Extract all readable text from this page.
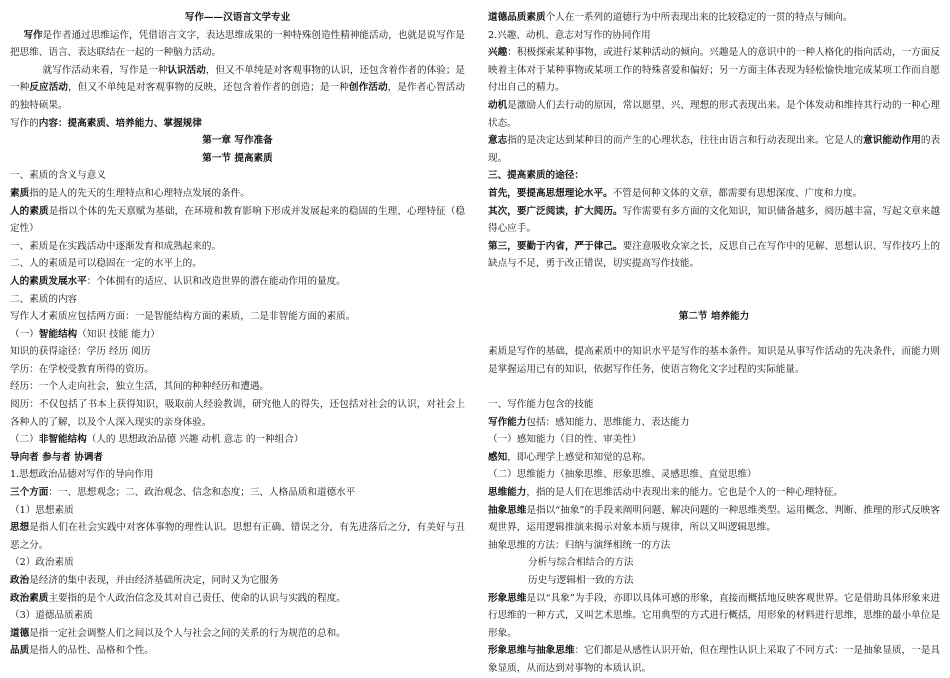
写作——汉语言文学专业
写作是作者通过思维运作，凭借语言文字，表达思维成果的一种特殊创造性精神能活动，也就是说写作是把思维、语言、表达联结在一起的一种脑力活动。
就写作活动来看，写作是一种认识活动，但又不单纯是对客观事物的认识，还包含着作者的体验；是一种反应活动，但又不单纯是对客观事物的反映，还包含着作者的创造；是一种创作活动，是作者心智活动的独特硕果。
写作的内容：提高素质、培养能力、掌握规律
第一章 写作准备
第一节 提高素质
一、素质的含义与意义
素质指的是人的先天的生理特点和心理特点发展的条件。
人的素质是指以个体的先天禀赋为基础，在环境和教育影响下形成并发展起来的稳固的生理、心理特征（稳定性）
一、素质是在实践活动中逐渐发育和成熟起来的。
二、人的素质是可以稳固在一定的水平上的。
人的素质发展水平：个体拥有的适应、认识和改造世界的潜在能动作用的量度。
二、素质的内容
写作人才素质应包括两方面：一是智能结构方面的素质，二是非智能方面的素质。
（一）智能结构（知识 技能 能力）
知识的获得途径：学历 经历 阅历
学历：在学校受教育所得的资历。
经历：一个人走向社会，独立生活，其间的种种经历和遭遇。
阅历：不仅包括了书本上获得知识，吸取前人经验教训，研究他人的得失，还包括对社会的认识，对社会上各种人的了解，以及个人深入现实的亲身体验。
（二）非智能结构（人的 思想政治品德 兴趣 动机 意志 的一种组合）
导向者 参与者 协调者
1.思想政治品德对写作的导向作用
三个方面：一、思想观念；二、政治观念、信念和态度；三、人格品质和道德水平
（1）思想素质
思想是指人们在社会实践中对客体事物的理性认识。思想有正确、错误之分，有先进落后之分，有美好与丑恶之分。
（2）政治素质
政治是经济的集中表现，并由经济基础所决定，同时又为它服务
政治素质主要指的是个人政治信念及其对自己责任、使命的认识与实践的程度。
（3）道德品质素质
道德是指一定社会调整人们之间以及个人与社会之间的关系的行为规范的总和。
品质是指人的品性、品格和个性。
道德品质素质个人在一系列的道德行为中所表现出来的比较稳定的一贯的特点与倾向。
2.兴趣、动机、意志对写作的协同作用
兴趣：积极探索某种事物，或进行某种活动的倾向。兴趣是人的意识中的一种人格化的指向活动，一方面反映着主体对于某种事物或某项工作的特殊喜爱和偏好；另一方面主体表现为轻松愉快地完成某项工作而自愿付出自己的精力。
动机是激励人们去行动的原因，常以愿望、兴、理想的形式表现出来。是个体发动和维持其行动的一种心理状态。
意志指的是决定达到某种目的而产生的心理状态，往往由语言和行动表现出来。它是人的意识能动作用的表现。
三、提高素质的途径：
首先，要提高思想理论水平。不管是何种文体的文章，都需要有思想深度、广度和力度。
其次，要广泛阅读，扩大阅历。写作需要有多方面的文化知识，知识储备越多，阅历越丰富，写起文章来越得心应手。
第三，要勤于内省，严于律己。要注意吸收众家之长，反思自己在写作中的见解、思想认识、写作技巧上的缺点与不足，勇于改正错误，切实提高写作技能。
第二节 培养能力
素质是写作的基础，提高素质中的知识水平是写作的基本条件。知识是从事写作活动的先决条件，而能力则是掌握运用已有的知识，依据写作任务，使语言物化文字过程的实际能量。
一、写作能力包含的技能
写作能力包括：感知能力、思维能力、表达能力
（一）感知能力（目的性、审美性）
感知，即心理学上感觉和知觉的总称。
（二）思维能力（抽象思维、形象思维、灵感思维、直觉思维）
思维能力，指的是人们在思维活动中表现出来的能力。它也是个人的一种心理特征。
抽象思维是指以“抽象”的手段来阐明问题、解决问题的一种思维类型。运用概念、判断、推理的形式反映客观世界，运用逻辑推演来揭示对象本质与规律，所以又叫逻辑思维。
抽象思维的方法：归纳与演绎相统一的方法
分析与综合相结合的方法
历史与逻辑相一致的方法
形象思维是以“具象”为手段，亦即以具体可感的形象，直接而概括地反映客观世界。它是借助具体形象来进行思维的一种方式，又叫艺术思维。它用典型的方式进行概括，用形象的材料进行思维，思维的最小单位是形象。
形象思维与抽象思维：它们都是从感性认识开始，但在理性认识上采取了不同方式：一是抽象显质，一是具象显质，从而达到对事物的本质认识。
